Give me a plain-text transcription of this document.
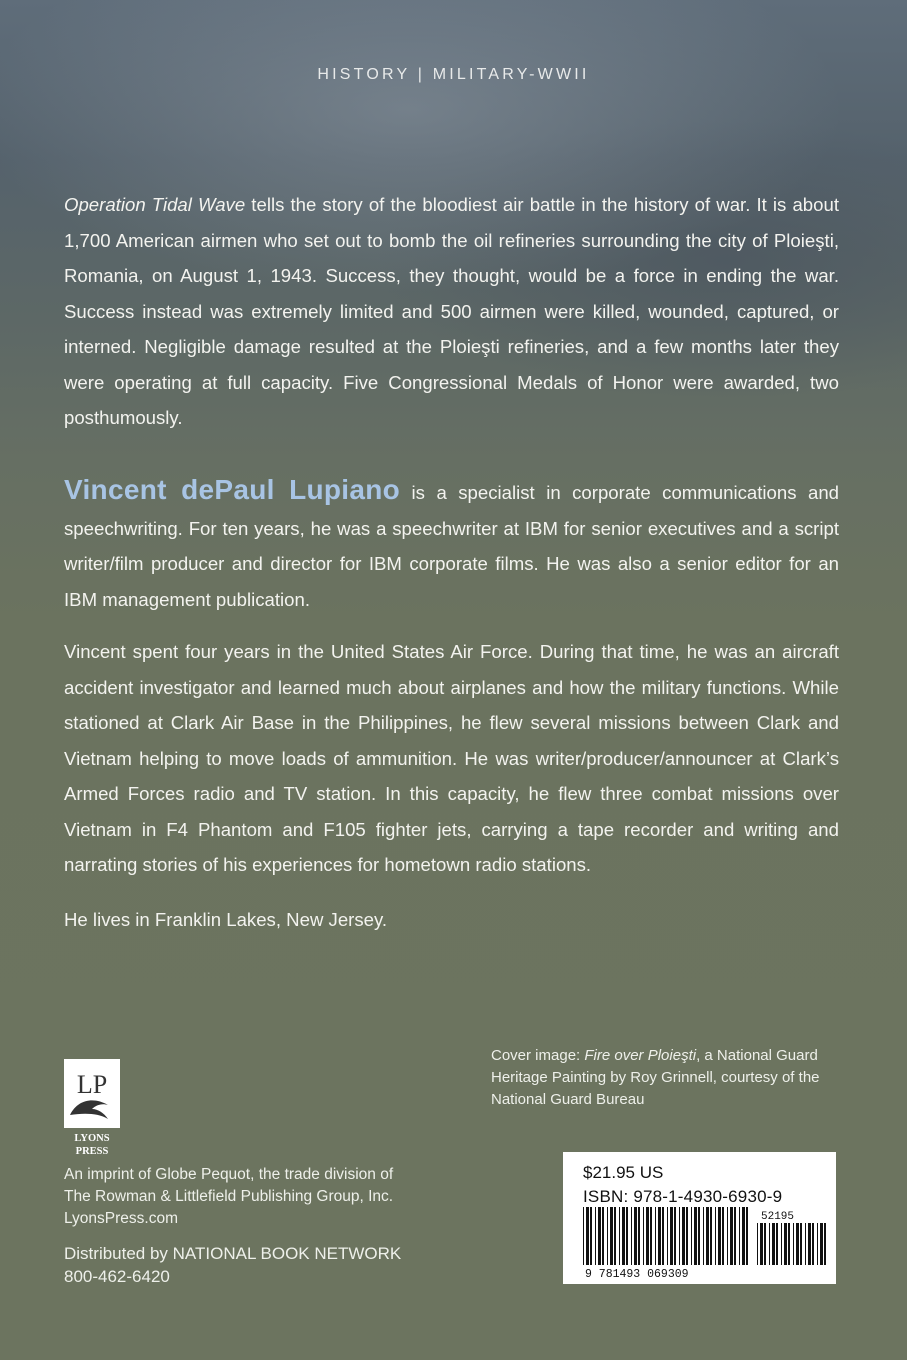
HISTORY | MILITARY-WWII

Operation Tidal Wave tells the story of the bloodiest air battle in the history of war. It is about 1,700 American airmen who set out to bomb the oil refineries surrounding the city of Ploieşti, Romania, on August 1, 1943. Success, they thought, would be a force in ending the war. Success instead was extremely limited and 500 airmen were killed, wounded, captured, or interned. Negligible damage resulted at the Ploieşti refineries, and a few months later they were operating at full capacity. Five Congressional Medals of Honor were awarded, two posthumously.

Vincent dePaul Lupiano is a specialist in corporate communications and speechwriting. For ten years, he was a speechwriter at IBM for senior executives and a script writer/film producer and director for IBM corporate films. He was also a senior editor for an IBM management publication.

Vincent spent four years in the United States Air Force. During that time, he was an aircraft accident investigator and learned much about airplanes and how the military functions. While stationed at Clark Air Base in the Philippines, he flew several missions between Clark and Vietnam helping to move loads of ammunition. He was writer/producer/announcer at Clark’s Armed Forces radio and TV station. In this capacity, he flew three combat missions over Vietnam in F4 Phantom and F105 fighter jets, carrying a tape recorder and writing and narrating stories of his experiences for hometown radio stations.

He lives in Franklin Lakes, New Jersey.

LP
LYONS
PRESS
An imprint of Globe Pequot, the trade division of
The Rowman & Littlefield Publishing Group, Inc.
LyonsPress.com
Distributed by NATIONAL BOOK NETWORK
800-462-6420
Cover image: Fire over Ploieşti, a National Guard Heritage Painting by Roy Grinnell, courtesy of the National Guard Bureau
$21.95 US
ISBN: 978-1-4930-6930-9
52195
9 781493 069309
